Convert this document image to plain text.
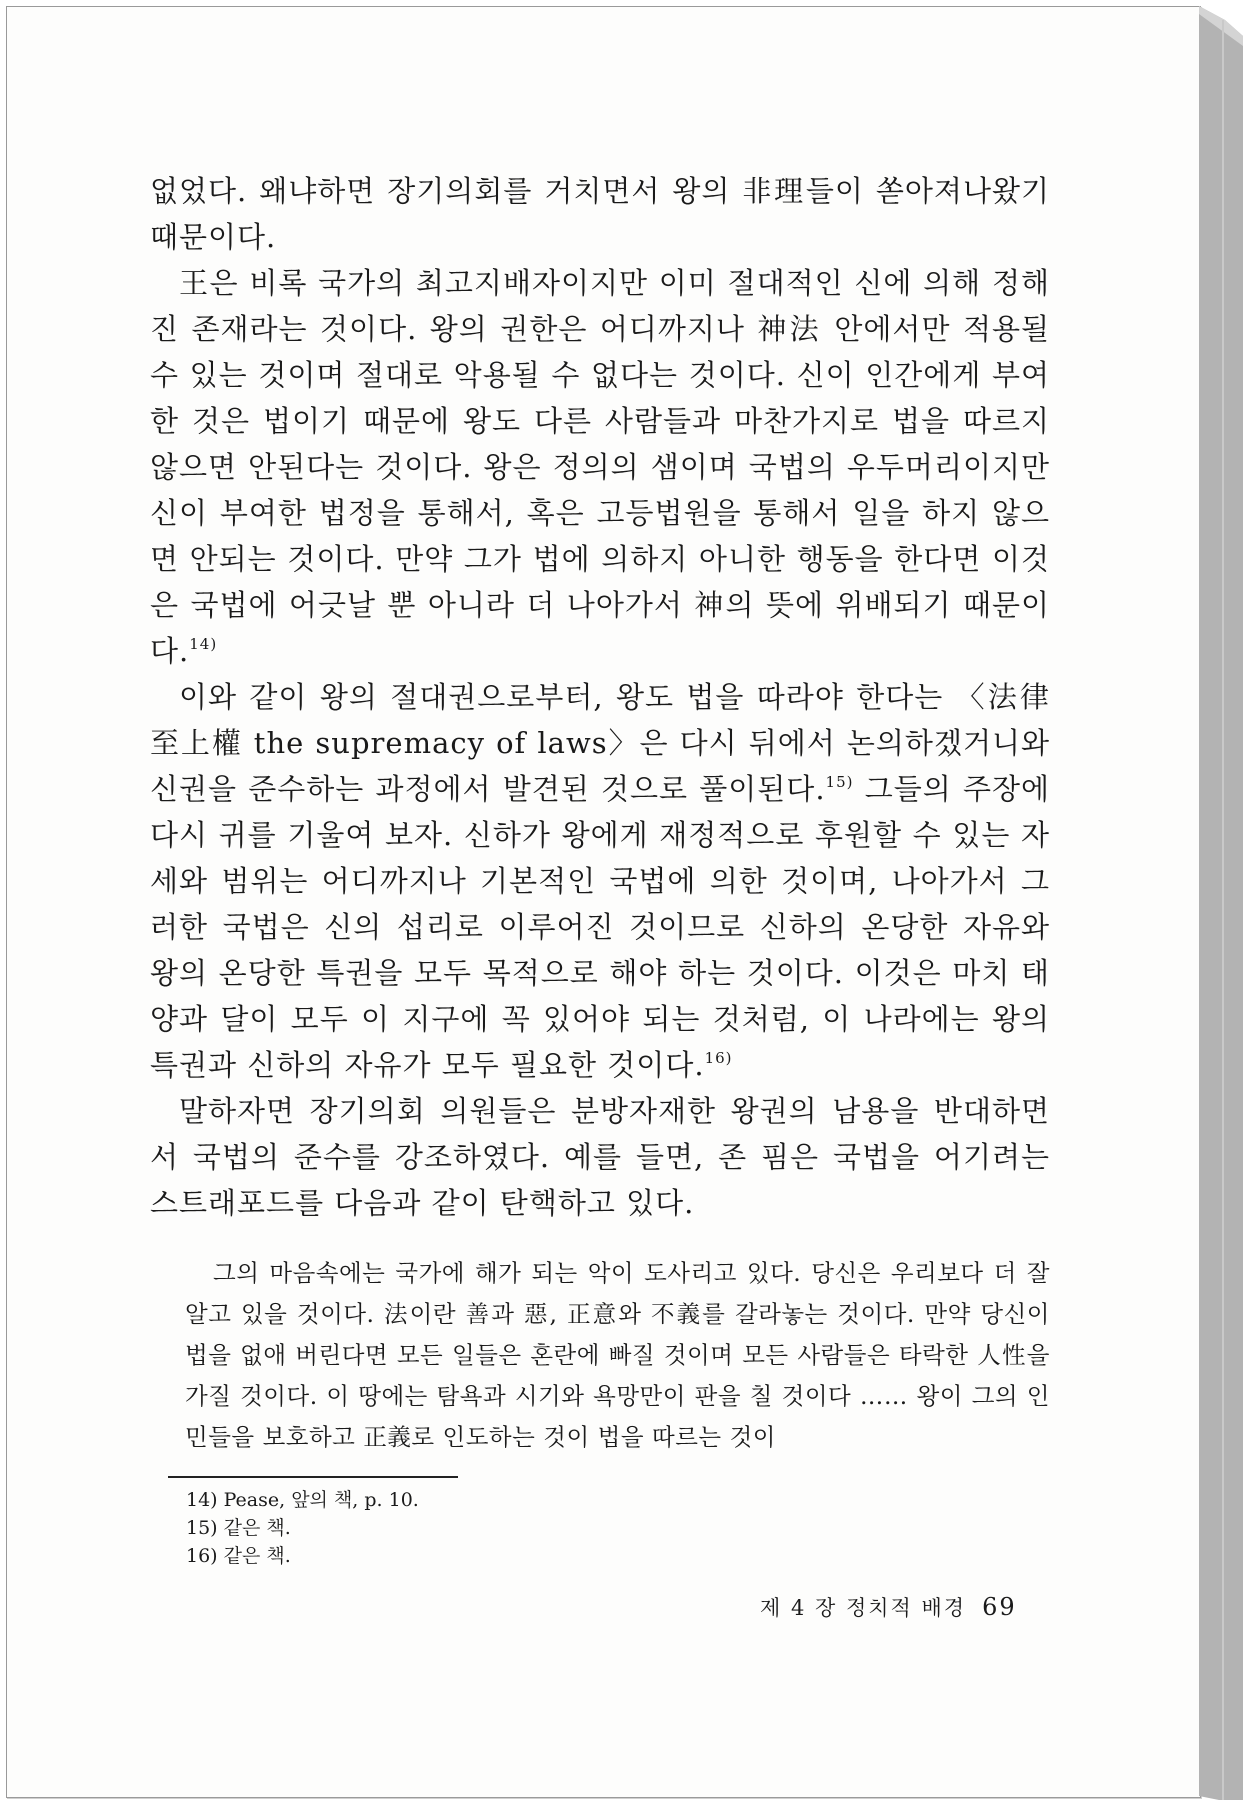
없었다. 왜냐하면 장기의회를 거치면서 왕의 非理들이 쏟아져나왔기 때문이다.

王은 비록 국가의 최고지배자이지만 이미 절대적인 신에 의해 정해진 존재라는 것이다. 왕의 권한은 어디까지나 神法 안에서만 적용될 수 있는 것이며 절대로 악용될 수 없다는 것이다. 신이 인간에게 부여한 것은 법이기 때문에 왕도 다른 사람들과 마찬가지로 법을 따르지 않으면 안된다는 것이다. 왕은 정의의 샘이며 국법의 우두머리이지만 신이 부여한 법정을 통해서, 혹은 고등법원을 통해서 일을 하지 않으면 안되는 것이다. 만약 그가 법에 의하지 아니한 행동을 한다면 이것은 국법에 어긋날 뿐 아니라 더 나아가서 神의 뜻에 위배되기 때문이다.$^{14)}$

이와 같이 왕의 절대권으로부터, 왕도 법을 따라야 한다는 〈法律至上權 the supremacy of laws〉은 다시 뒤에서 논의하겠거니와 신권을 준수하는 과정에서 발견된 것으로 풀이된다.$^{15)}$ 그들의 주장에 다시 귀를 기울여 보자. 신하가 왕에게 재정적으로 후원할 수 있는 자세와 범위는 어디까지나 기본적인 국법에 의한 것이며, 나아가서 그러한 국법은 신의 섭리로 이루어진 것이므로 신하의 온당한 자유와 왕의 온당한 특권을 모두 목적으로 해야 하는 것이다. 이것은 마치 태양과 달이 모두 이 지구에 꼭 있어야 되는 것처럼, 이 나라에는 왕의 특권과 신하의 자유가 모두 필요한 것이다.$^{16)}$

말하자면 장기의회 의원들은 분방자재한 왕권의 남용을 반대하면서 국법의 준수를 강조하였다. 예를 들면, 존 핌은 국법을 어기려는 스트래포드를 다음과 같이 탄핵하고 있다.

그의 마음속에는 국가에 해가 되는 악이 도사리고 있다. 당신은 우리보다 더 잘 알고 있을 것이다. 法이란 善과 惡, 正意와 不義를 갈라놓는 것이다. 만약 당신이 법을 없애 버린다면 모든 일들은 혼란에 빠질 것이며 모든 사람들은 타락한 人性을 가질 것이다. 이 땅에는 탐욕과 시기와 욕망만이 판을 칠 것이다 …… 왕이 그의 인민들을 보호하고 正義로 인도하는 것이 법을 따르는 것이

14) Pease, 앞의 책, p. 10.
15) 같은 책.
16) 같은 책.
제 4 장 정치적 배경 69
